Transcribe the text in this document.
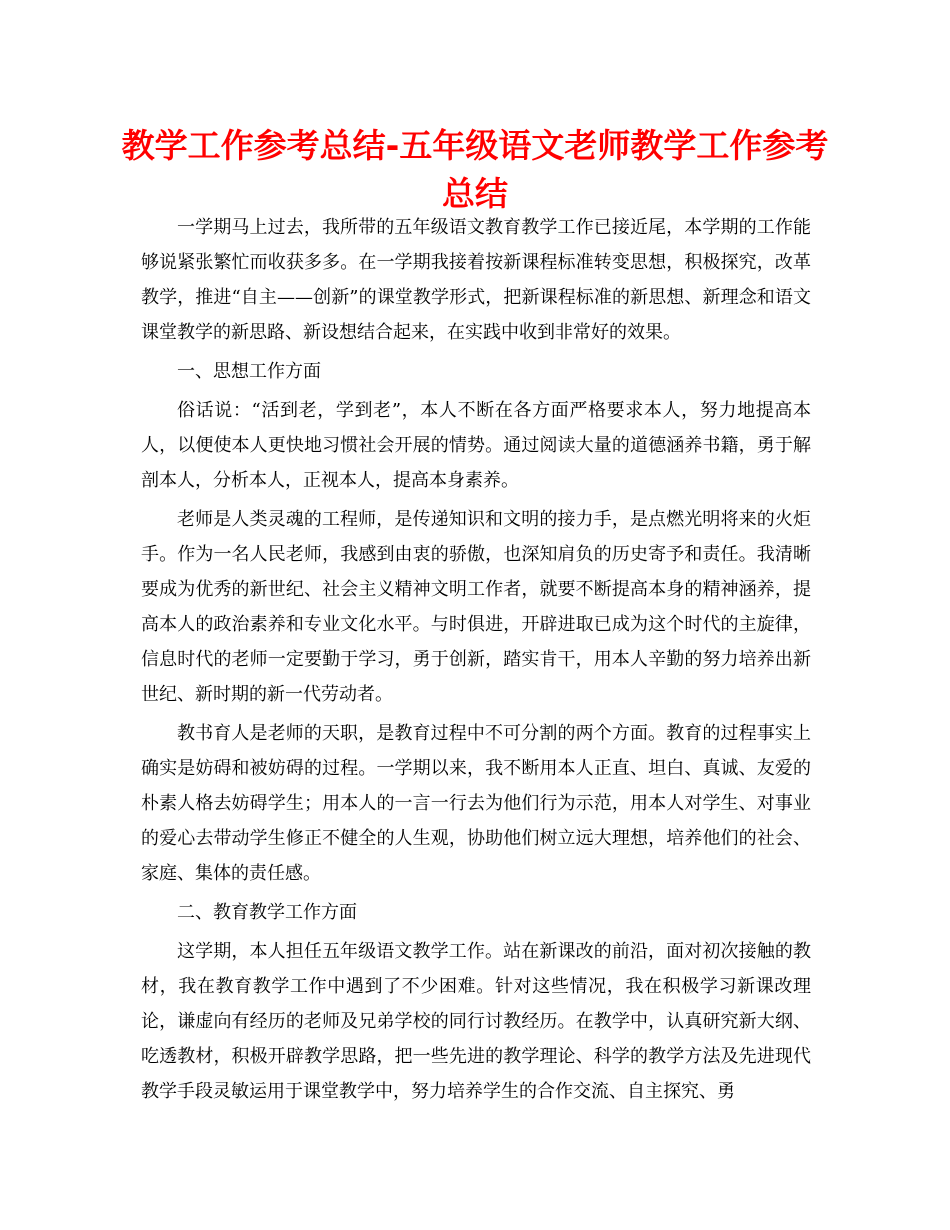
教学工作参考总结-五年级语文老师教学工作参考总结

一学期马上过去，我所带的五年级语文教育教学工作已接近尾，本学期的工作能够说紧张繁忙而收获多多。在一学期我接着按新课程标准转变思想，积极探究，改革教学，推进“自主——创新”的课堂教学形式，把新课程标准的新思想、新理念和语文课堂教学的新思路、新设想结合起来，在实践中收到非常好的效果。

一、思想工作方面

俗话说：“活到老，学到老”，本人不断在各方面严格要求本人，努力地提高本人，以便使本人更快地习惯社会开展的情势。通过阅读大量的道德涵养书籍，勇于解剖本人，分析本人，正视本人，提高本身素养。

老师是人类灵魂的工程师，是传递知识和文明的接力手，是点燃光明将来的火炬手。作为一名人民老师，我感到由衷的骄傲，也深知肩负的历史寄予和责任。我清晰要成为优秀的新世纪、社会主义精神文明工作者，就要不断提高本身的精神涵养，提高本人的政治素养和专业文化水平。与时俱进，开辟进取已成为这个时代的主旋律，信息时代的老师一定要勤于学习，勇于创新，踏实肯干，用本人辛勤的努力培养出新世纪、新时期的新一代劳动者。

教书育人是老师的天职，是教育过程中不可分割的两个方面。教育的过程事实上确实是妨碍和被妨碍的过程。一学期以来，我不断用本人正直、坦白、真诚、友爱的朴素人格去妨碍学生；用本人的一言一行去为他们行为示范，用本人对学生、对事业的爱心去带动学生修正不健全的人生观，协助他们树立远大理想，培养他们的社会、家庭、集体的责任感。

二、教育教学工作方面

这学期，本人担任五年级语文教学工作。站在新课改的前沿，面对初次接触的教材，我在教育教学工作中遇到了不少困难。针对这些情况，我在积极学习新课改理论，谦虚向有经历的老师及兄弟学校的同行讨教经历。在教学中，认真研究新大纲、吃透教材，积极开辟教学思路，把一些先进的教学理论、科学的教学方法及先进现代教学手段灵敏运用于课堂教学中，努力培养学生的合作交流、自主探究、勇
